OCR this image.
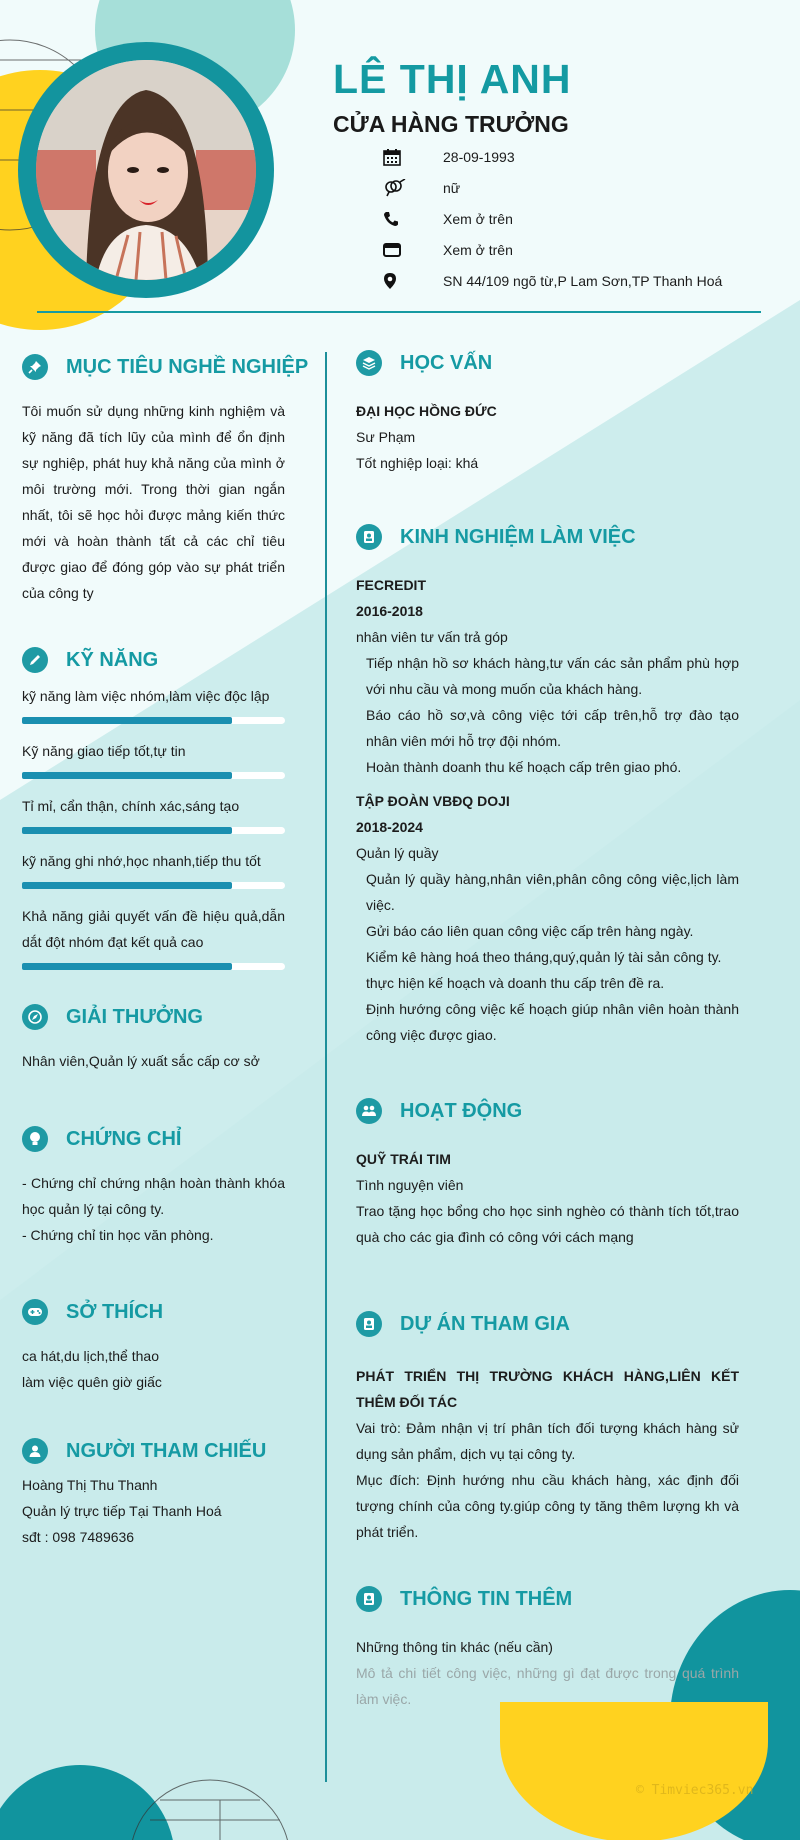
LÊ THỊ ANH
CỬA HÀNG TRƯỞNG
28-09-1993
nữ
Xem ở trên
Xem ở trên
SN 44/109 ngõ từ,P Lam Sơn,TP Thanh Hoá
MỤC TIÊU NGHỀ NGHIỆP

Tôi muốn sử dụng những kinh nghiệm và kỹ năng đã tích lũy của mình để ổn định sự nghiệp, phát huy khả năng của mình ở môi trường mới. Trong thời gian ngắn nhất, tôi sẽ học hỏi được mảng kiến thức mới và hoàn thành tất cả các chỉ tiêu được giao để đóng góp vào sự phát triển của công ty

KỸ NĂNG

kỹ năng làm việc nhóm,làm việc độc lập

Kỹ năng giao tiếp tốt,tự tin

Tỉ mỉ, cẩn thận, chính xác,sáng tạo

kỹ năng ghi nhớ,học nhanh,tiếp thu tốt

Khả năng giải quyết vấn đề hiệu quả,dẫn dắt đột nhóm đạt kết quả cao

GIẢI THƯỞNG

Nhân viên,Quản lý xuất sắc cấp cơ sở

CHỨNG CHỈ

- Chứng chỉ chứng nhận hoàn thành khóa học quản lý tại công ty.

- Chứng chỉ tin học văn phòng.

SỞ THÍCH

ca hát,du lịch,thể thao

làm việc quên giờ giấc

NGƯỜI THAM CHIẾU

Hoàng Thị Thu Thanh

Quản lý trực tiếp Tại Thanh Hoá

sđt : 098 7489636

HỌC VẤN

ĐẠI HỌC HỒNG ĐỨC

Sư Phạm

Tốt nghiệp loại: khá

KINH NGHIỆM LÀM VIỆC

FECREDIT

2016-2018

nhân viên tư vấn trả góp

Tiếp nhận hồ sơ khách hàng,tư vấn các sản phẩm phù hợp với nhu cầu và mong muốn của khách hàng.

Báo cáo hồ sơ,và công việc tới cấp trên,hỗ trợ đào tạo nhân viên mới hỗ trợ đội nhóm.

Hoàn thành doanh thu kế hoạch cấp trên giao phó.

TẬP ĐOÀN VBĐQ DOJI

2018-2024

Quản lý quầy

Quản lý quầy hàng,nhân viên,phân công công việc,lịch làm việc.

Gửi báo cáo liên quan công việc cấp trên hàng ngày.

Kiểm kê hàng hoá theo tháng,quý,quản lý tài sản công ty.

thực hiện kế hoạch và doanh thu cấp trên đề ra.

Định hướng công việc kế hoạch giúp nhân viên hoàn thành công việc được giao.

HOẠT ĐỘNG

QUỸ TRÁI TIM

Tình nguyện viên

Trao tặng học bổng cho học sinh nghèo có thành tích tốt,trao quà cho các gia đình có công với cách mạng

DỰ ÁN THAM GIA

PHÁT TRIỂN THỊ TRƯỜNG KHÁCH HÀNG,LIÊN KẾT THÊM ĐỐI TÁC

Vai trò: Đảm nhận vị trí phân tích đối tượng khách hàng sử dụng sản phẩm, dịch vụ tại công ty.

Mục đích: Định hướng nhu cầu khách hàng, xác định đối tượng chính của công ty.giúp công ty tăng thêm lượng kh và phát triển.

THÔNG TIN THÊM

Những thông tin khác (nếu cần)

Mô tả chi tiết công việc, những gì đạt được trong quá trình làm việc.

© Timviec365.vn
